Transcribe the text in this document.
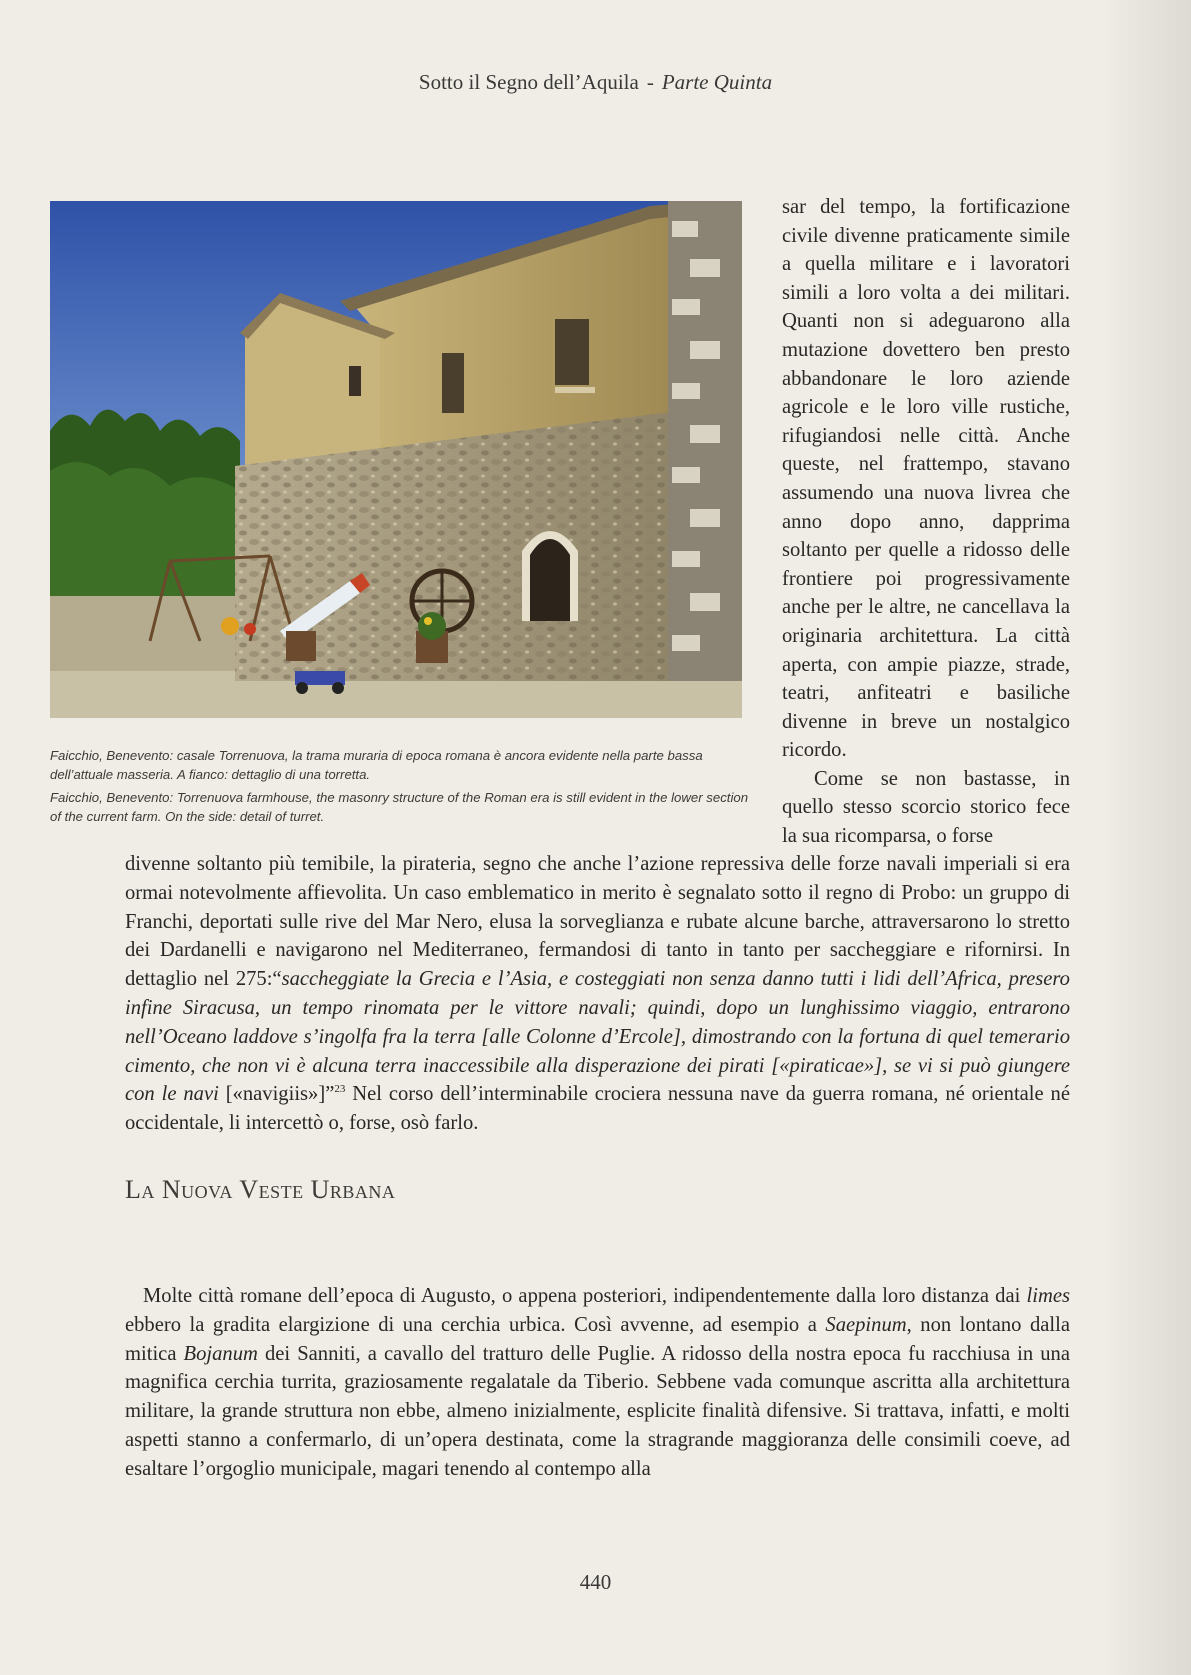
Sotto il Segno dell’Aquila - Parte Quinta

Faicchio, Benevento: casale Torrenuova, la trama muraria di epoca romana è ancora evidente nella parte bassa dell’attuale masseria. A fianco: dettaglio di una torretta.

Faicchio, Benevento: Torrenuova farmhouse, the masonry structure of the Roman era is still evident in the lower section of the current farm. On the side: detail of turret.

sar del tempo, la fortificazione civile divenne praticamente simile a quella militare e i lavoratori simili a loro volta a dei militari. Quanti non si adeguarono alla mutazione dovettero ben presto abbandonare le loro aziende agricole e le loro ville rustiche, rifugiandosi nelle città. Anche queste, nel frattempo, stavano assumendo una nuova livrea che anno dopo anno, dapprima soltanto per quelle a ridosso delle frontiere poi progressivamente anche per le altre, ne cancellava la originaria architettura. La città aperta, con ampie piazze, strade, teatri, anfiteatri e basiliche divenne in breve un nostalgico ricordo.

Come se non bastasse, in quello stesso scorcio storico fece la sua ricomparsa, o forse

divenne soltanto più temibile, la pirateria, segno che anche l’azione repressiva delle forze navali imperiali si era ormai notevolmente affievolita. Un caso emblematico in merito è segnalato sotto il regno di Probo: un gruppo di Franchi, deportati sulle rive del Mar Nero, elusa la sorveglianza e rubate alcune barche, attraversarono lo stretto dei Dardanelli e navigarono nel Mediterraneo, fermandosi di tanto in tanto per saccheggiare e rifornirsi. In dettaglio nel 275:“saccheggiate la Grecia e l’Asia, e costeggiati non senza danno tutti i lidi dell’Africa, presero infine Siracusa, un tempo rinomata per le vittore navali; quindi, dopo un lunghissimo viaggio, entrarono nell’Oceano laddove s’ingolfa fra la terra [alle Colonne d’Ercole], dimostrando con la fortuna di quel temerario cimento, che non vi è alcuna terra inaccessibile alla disperazione dei pirati [«piraticae»], se vi si può giungere con le navi [«navigiis»]”$^{23}$ Nel corso dell’interminabile crociera nessuna nave da guerra romana, né orientale né occidentale, li intercettò o, forse, osò farlo.
La Nuova Veste Urbana
Molte città romane dell’epoca di Augusto, o appena posteriori, indipendentemente dalla loro distanza dai limes ebbero la gradita elargizione di una cerchia urbica. Così avvenne, ad esempio a Saepinum, non lontano dalla mitica Bojanum dei Sanniti, a cavallo del tratturo delle Puglie. A ridosso della nostra epoca fu racchiusa in una magnifica cerchia turrita, graziosamente regalatale da Tiberio. Sebbene vada comunque ascritta alla architettura militare, la grande struttura non ebbe, almeno inizialmente, esplicite finalità difensive. Si trattava, infatti, e molti aspetti stanno a confermarlo, di un’opera destinata, come la stragrande maggioranza delle consimili coeve, ad esaltare l’orgoglio municipale, magari tenendo al contempo alla
440
